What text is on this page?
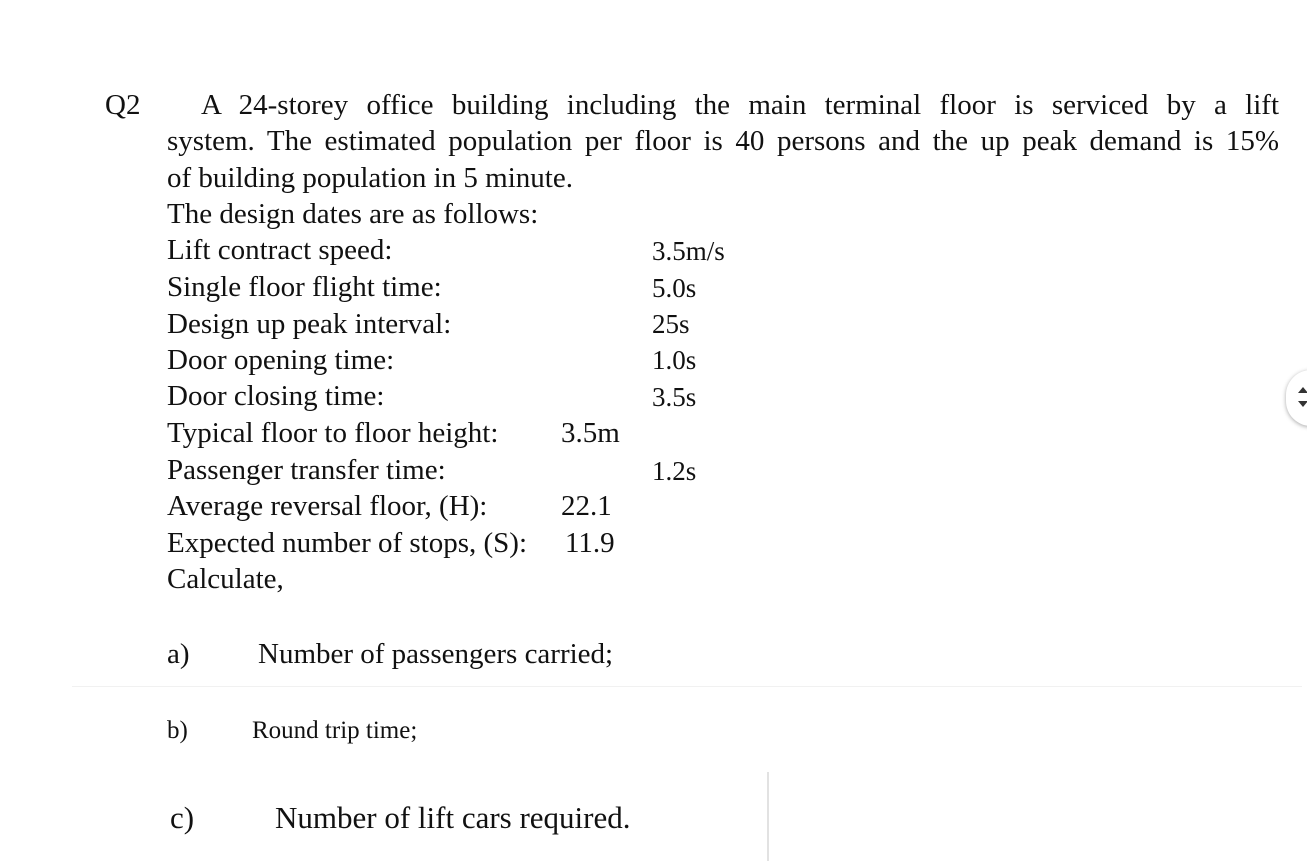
Q2	A 24-storey office building including the main terminal floor is serviced by a lift
system. The estimated population per floor is 40 persons and the up peak demand is 15%
of building population in 5 minute.
The design dates are as follows:
Lift contract speed:	3.5m/s
Single floor flight time:	5.0s
Design up peak interval:	25s
Door opening time:	1.0s
Door closing time:	3.5s
Typical floor to floor height: 3.5m
Passenger transfer time:	1.2s
Average reversal floor, (H):	22.1
Expected number of stops, (S): 11.9
Calculate,
a) Number of passengers carried;
b)	Round trip time;
c)	Number of lift cars required.
